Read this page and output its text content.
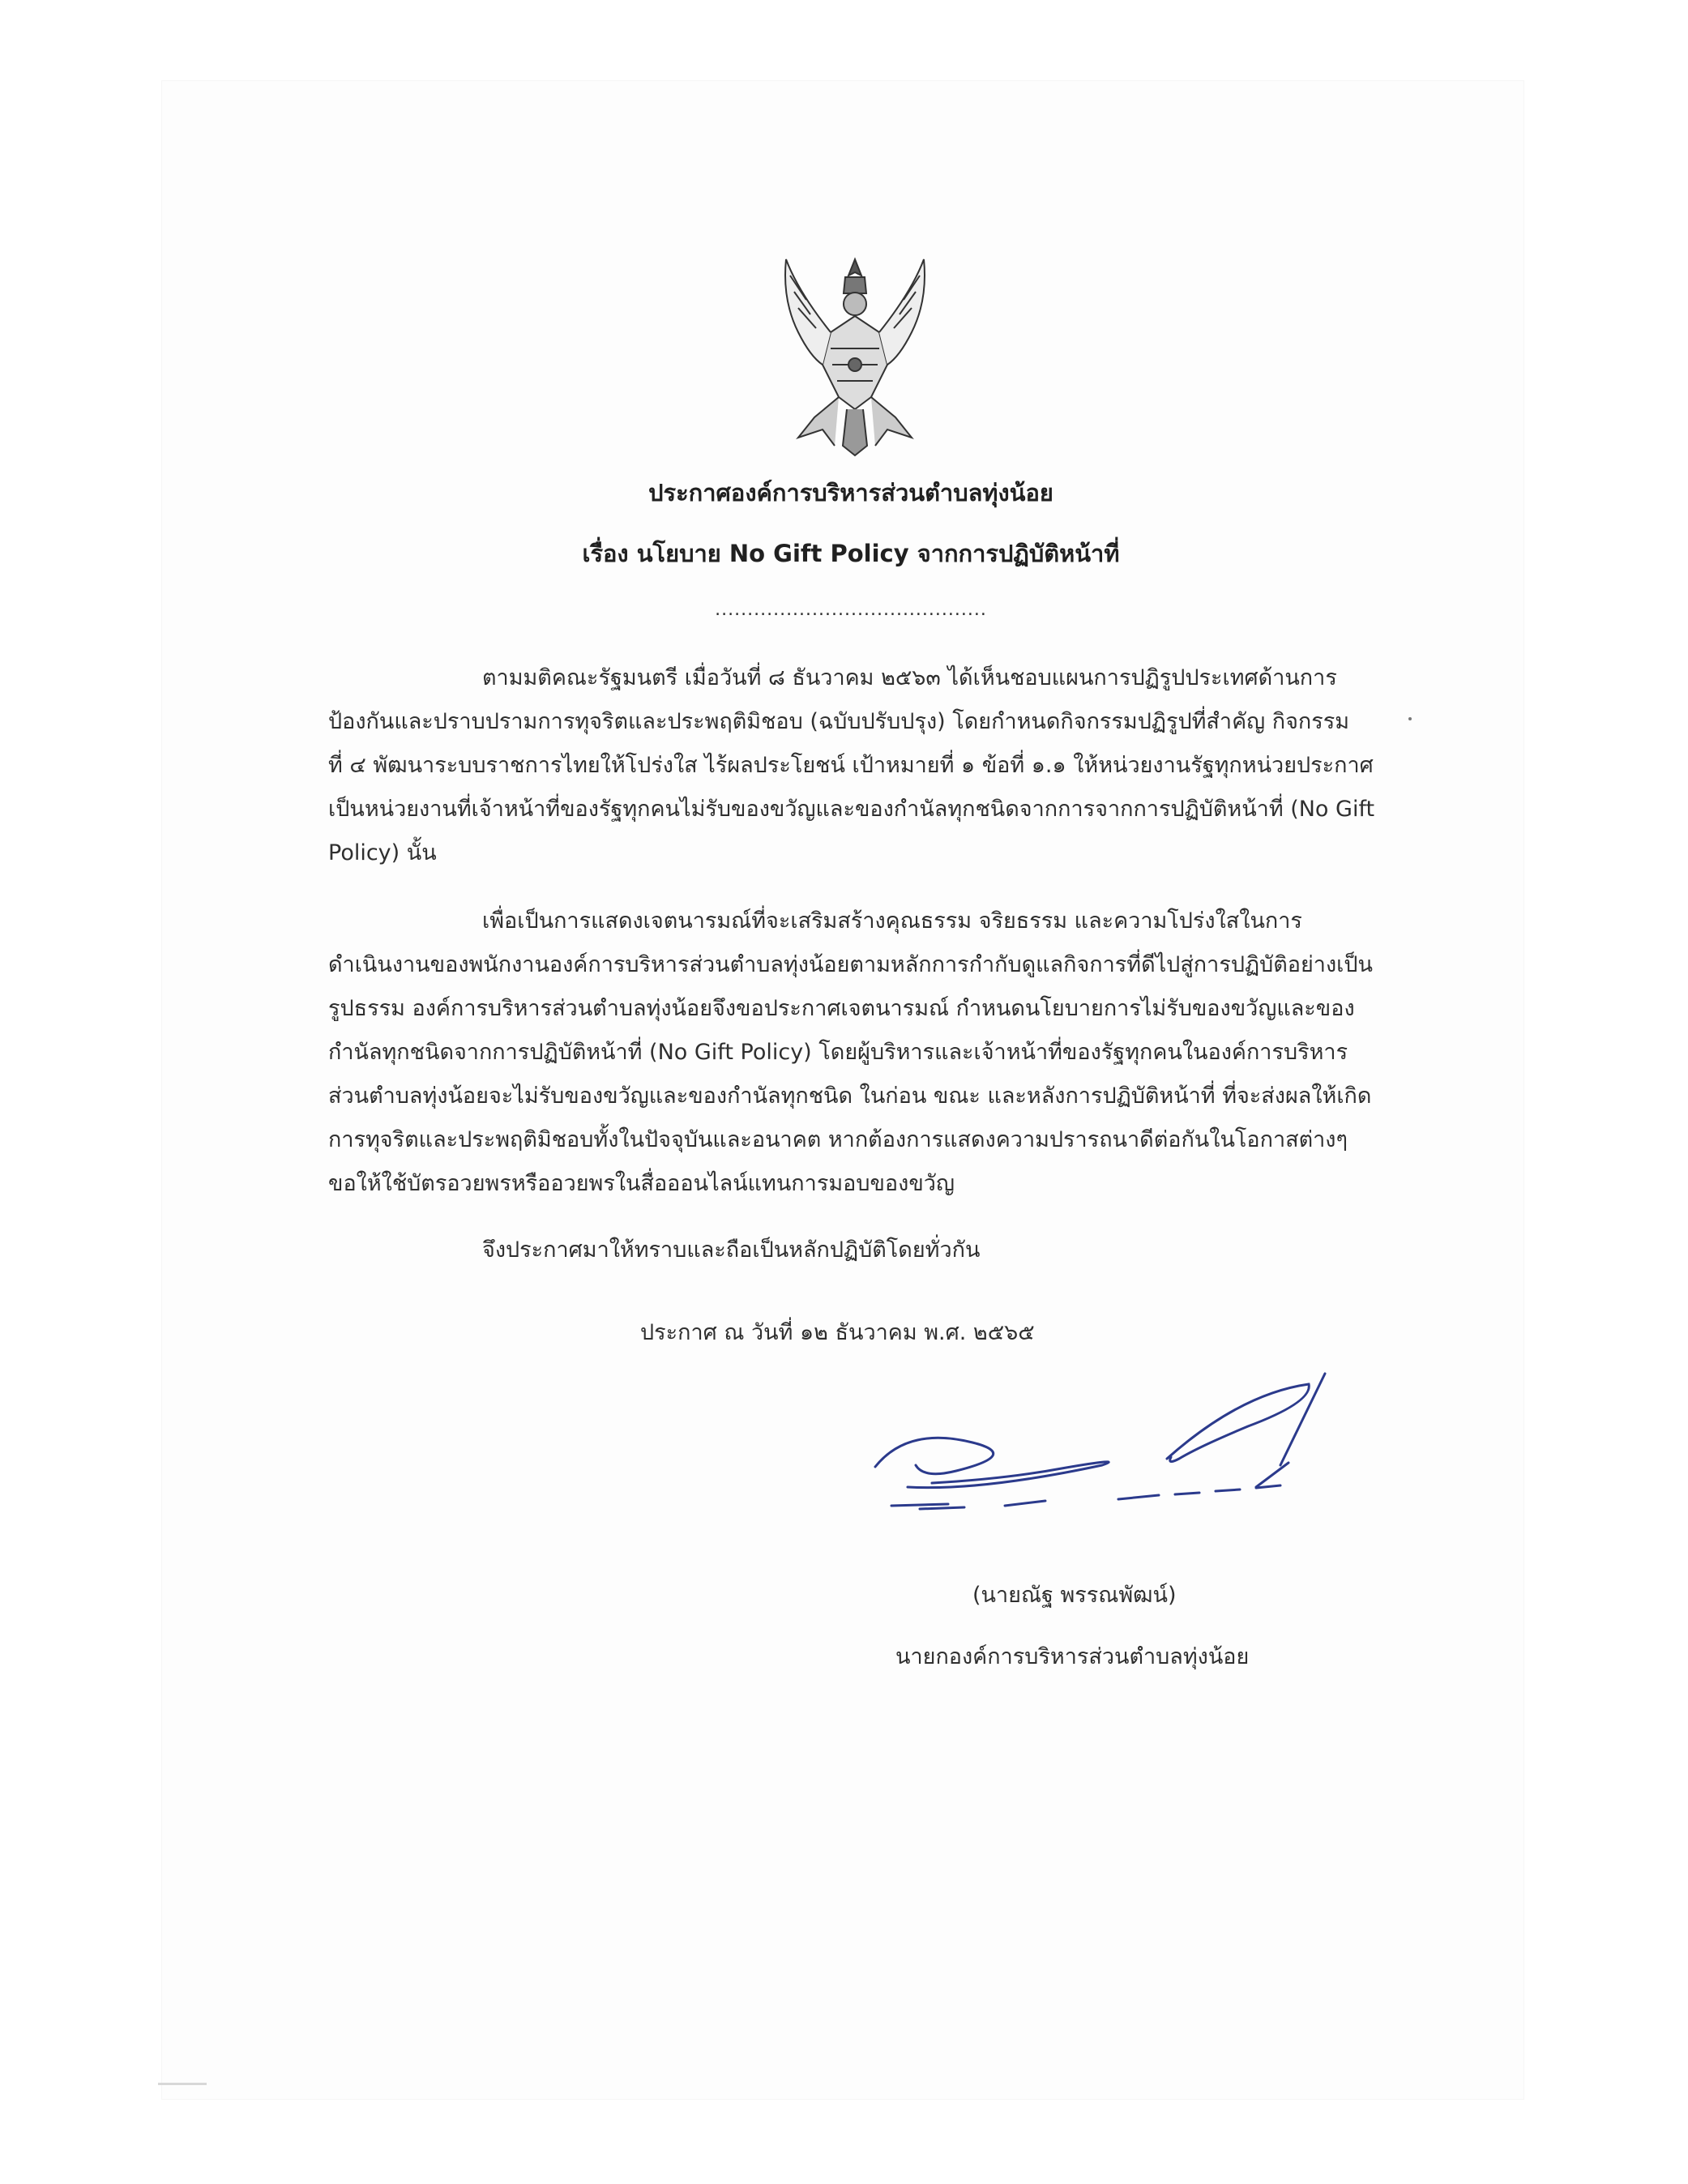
ประกาศองค์การบริหารส่วนตำบลทุ่งน้อย
เรื่อง นโยบาย No Gift Policy จากการปฏิบัติหน้าที่
..........................................
ตามมติคณะรัฐมนตรี เมื่อวันที่ ๘ ธันวาคม ๒๕๖๓ ได้เห็นชอบแผนการปฏิรูปประเทศด้านการ
ป้องกันและปราบปรามการทุจริตและประพฤติมิชอบ (ฉบับปรับปรุง) โดยกำหนดกิจกรรมปฏิรูปที่สำคัญ กิจกรรม
ที่ ๔ พัฒนาระบบราชการไทยให้โปร่งใส ไร้ผลประโยชน์ เป้าหมายที่ ๑ ข้อที่ ๑.๑ ให้หน่วยงานรัฐทุกหน่วยประกาศ
เป็นหน่วยงานที่เจ้าหน้าที่ของรัฐทุกคนไม่รับของขวัญและของกำนัลทุกชนิดจากการจากการปฏิบัติหน้าที่ (No Gift
Policy) นั้น
เพื่อเป็นการแสดงเจตนารมณ์ที่จะเสริมสร้างคุณธรรม จริยธรรม และความโปร่งใสในการ
ดำเนินงานของพนักงานองค์การบริหารส่วนตำบลทุ่งน้อยตามหลักการกำกับดูแลกิจการที่ดีไปสู่การปฏิบัติอย่างเป็น
รูปธรรม องค์การบริหารส่วนตำบลทุ่งน้อยจึงขอประกาศเจตนารมณ์ กำหนดนโยบายการไม่รับของขวัญและของ
กำนัลทุกชนิดจากการปฏิบัติหน้าที่ (No Gift Policy) โดยผู้บริหารและเจ้าหน้าที่ของรัฐทุกคนในองค์การบริหาร
ส่วนตำบลทุ่งน้อยจะไม่รับของขวัญและของกำนัลทุกชนิด ในก่อน ขณะ และหลังการปฏิบัติหน้าที่ ที่จะส่งผลให้เกิด
การทุจริตและประพฤติมิชอบทั้งในปัจจุบันและอนาคต หากต้องการแสดงความปรารถนาดีต่อกันในโอกาสต่างๆ
ขอให้ใช้บัตรอวยพรหรืออวยพรในสื่อออนไลน์แทนการมอบของขวัญ
จึงประกาศมาให้ทราบและถือเป็นหลักปฏิบัติโดยทั่วกัน
ประกาศ ณ วันที่ ๑๒ ธันวาคม พ.ศ. ๒๕๖๕
(นายณัฐ พรรณพัฒน์)
นายกองค์การบริหารส่วนตำบลทุ่งน้อย
